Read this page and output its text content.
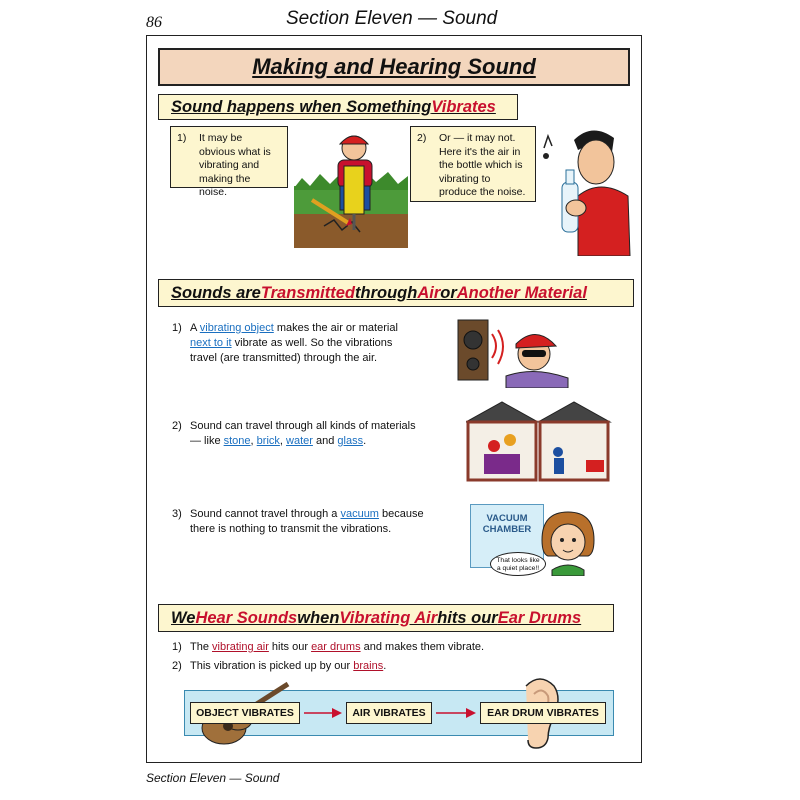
86	Section Eleven — Sound
Making and Hearing Sound
Sound happens when Something Vibrates
1)	It may be obvious what is vibrating and making the noise.
2)	Or — it may not. Here it's the air in the bottle which is vibrating to produce the noise.
Sounds are Transmitted through Air or Another Material
1) A vibrating object makes the air or material
next to it vibrate as well. So the vibrations
travel (are transmitted) through the air.
2) Sound can travel through all kinds of materials
— like stone, brick, water and glass.
3) Sound cannot travel through a vacuum because
there is nothing to transmit the vibrations.
VACUUM
CHAMBER
That looks like
a quiet place!!
We Hear Sounds when Vibrating Air hits our Ear Drums
1) The vibrating air hits our ear drums and makes them vibrate.
2) This vibration is picked up by our brains.
OBJECT VIBRATES	AIR VIBRATES	EAR DRUM VIBRATES
Section Eleven — Sound
